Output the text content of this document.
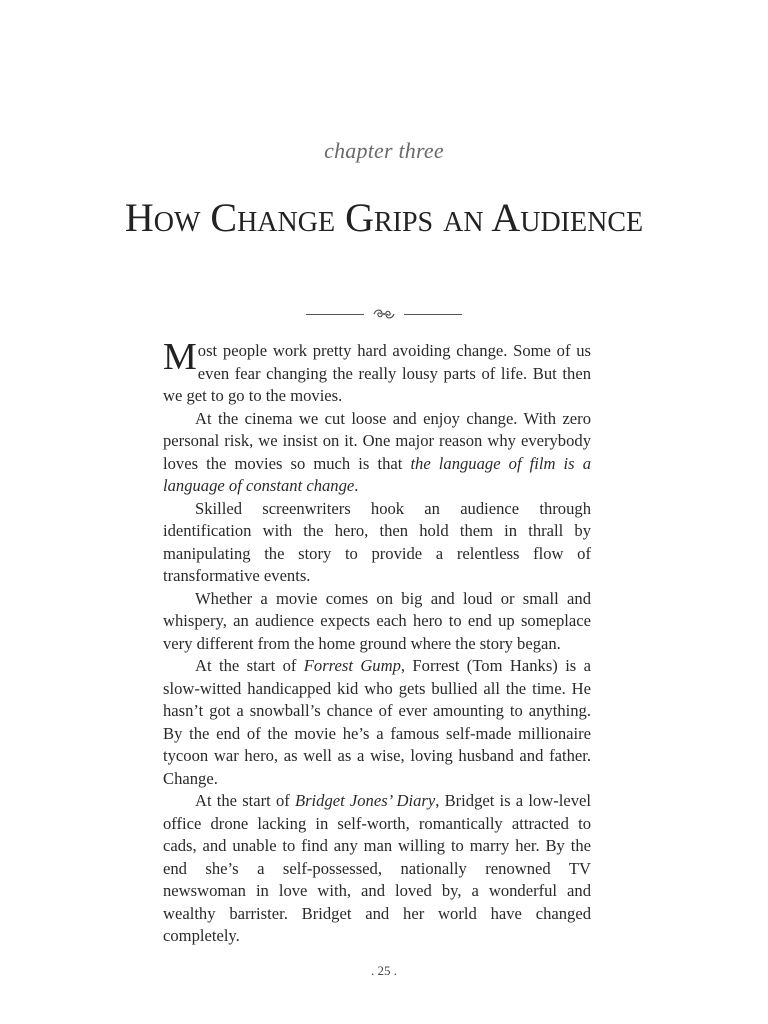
chapter three
How Change Grips an Audience

Most people work pretty hard avoiding change. Some of us even fear changing the really lousy parts of life. But then we get to go to the movies.

At the cinema we cut loose and enjoy change. With zero personal risk, we insist on it. One major reason why everybody loves the movies so much is that the language of film is a language of constant change.

Skilled screenwriters hook an audience through identification with the hero, then hold them in thrall by manipulating the story to provide a relentless flow of transformative events.

Whether a movie comes on big and loud or small and whispery, an audience expects each hero to end up someplace very different from the home ground where the story began.

At the start of Forrest Gump, Forrest (Tom Hanks) is a slow-witted handicapped kid who gets bullied all the time. He hasn’t got a snowball’s chance of ever amounting to anything. By the end of the movie he’s a famous self-made millionaire tycoon war hero, as well as a wise, loving husband and father. Change.

At the start of Bridget Jones’ Diary, Bridget is a low-level office drone lacking in self-worth, romantically attracted to cads, and unable to find any man willing to marry her. By the end she’s a self-possessed, nationally renowned TV newswoman in love with, and loved by, a wonderful and wealthy barrister. Bridget and her world have changed completely.

. 25 .
